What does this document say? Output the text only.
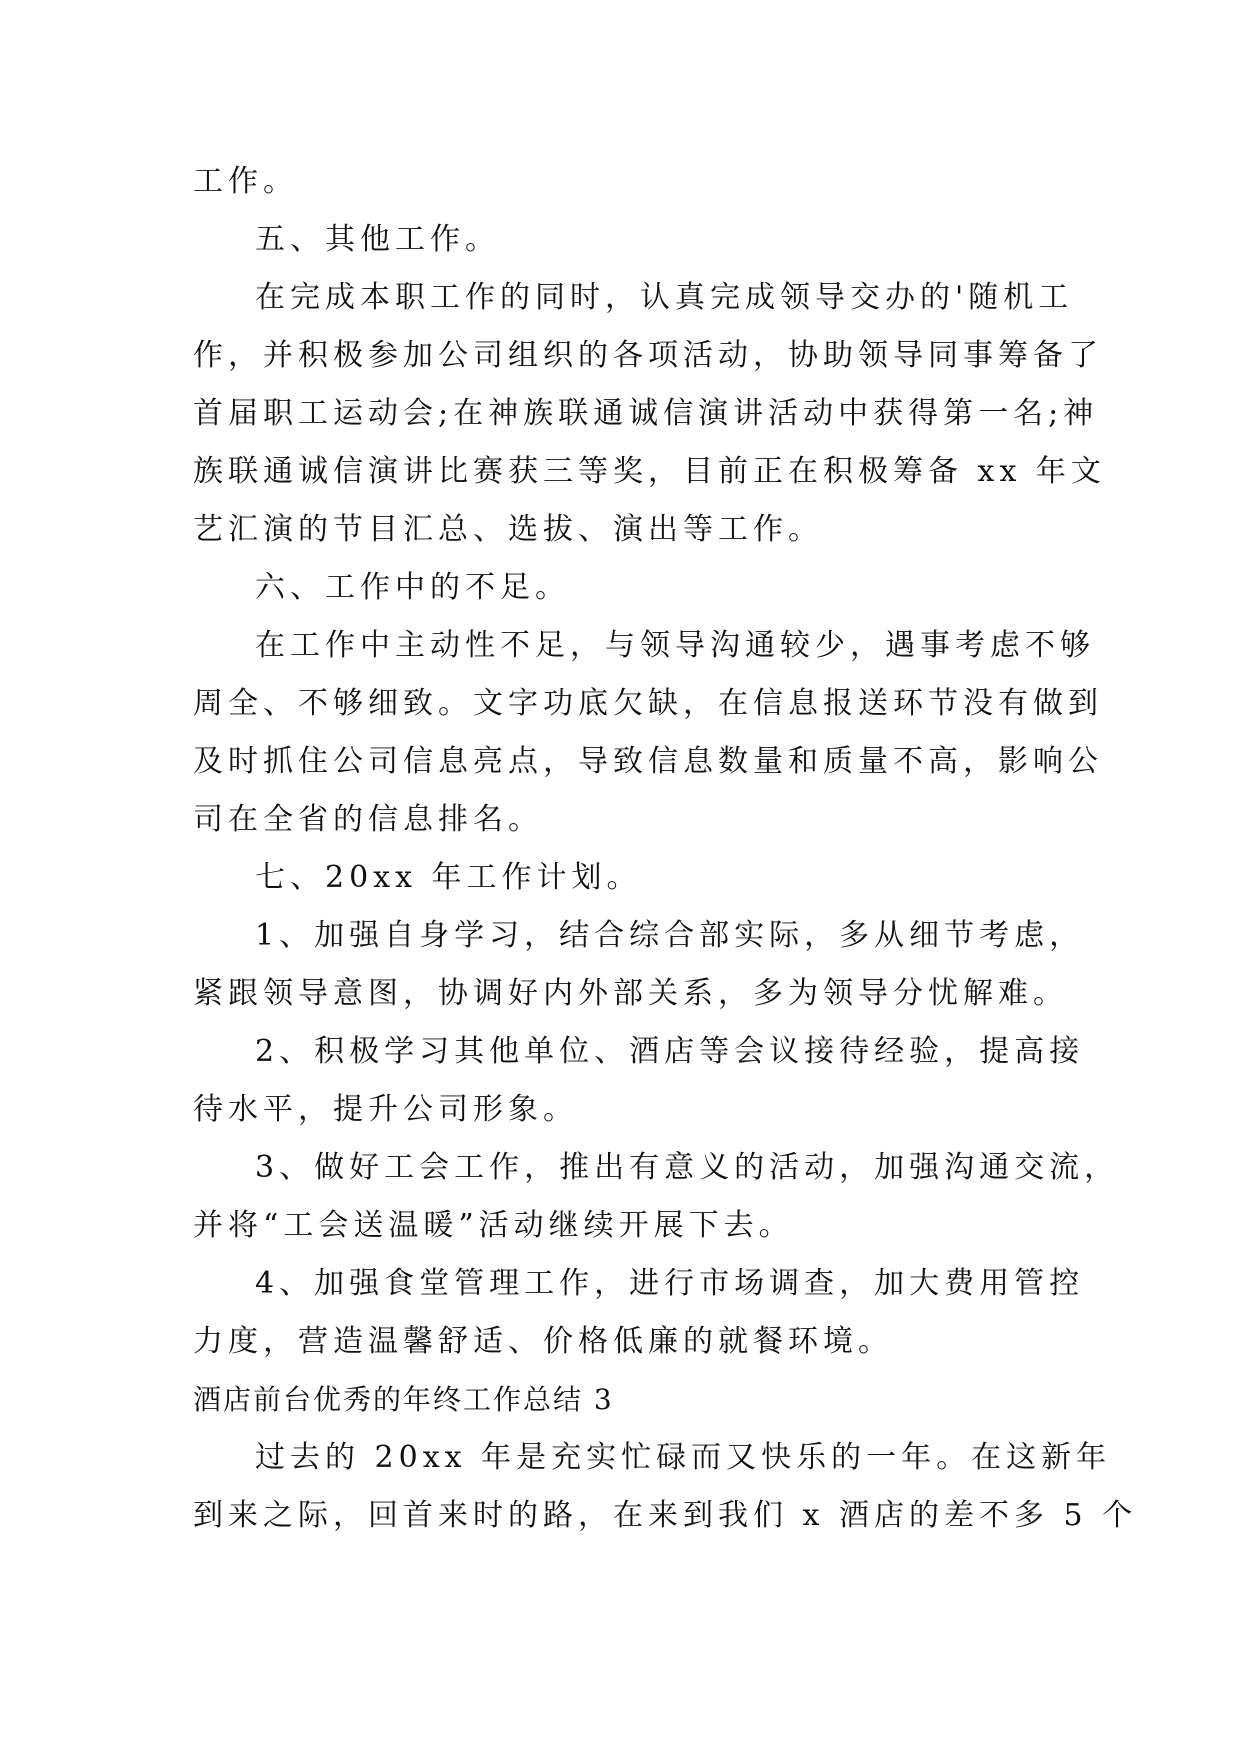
工作。
五、其他工作。
在完成本职工作的同时，认真完成领导交办的'随机工
作，并积极参加公司组织的各项活动，协助领导同事筹备了
首届职工运动会;在神族联通诚信演讲活动中获得第一名;神
族联通诚信演讲比赛获三等奖，目前正在积极筹备 xx 年文
艺汇演的节目汇总、选拔、演出等工作。
六、工作中的不足。
在工作中主动性不足，与领导沟通较少，遇事考虑不够
周全、不够细致。文字功底欠缺，在信息报送环节没有做到
及时抓住公司信息亮点，导致信息数量和质量不高，影响公
司在全省的信息排名。
七、20xx 年工作计划。
1、加强自身学习，结合综合部实际，多从细节考虑，
紧跟领导意图，协调好内外部关系，多为领导分忧解难。
2、积极学习其他单位、酒店等会议接待经验，提高接
待水平，提升公司形象。
3、做好工会工作，推出有意义的活动，加强沟通交流，
并将“工会送温暖”活动继续开展下去。
4、加强食堂管理工作，进行市场调查，加大费用管控
力度，营造温馨舒适、价格低廉的就餐环境。
酒店前台优秀的年终工作总结 3
过去的 20xx 年是充实忙碌而又快乐的一年。在这新年
到来之际，回首来时的路，在来到我们 x 酒店的差不多 5 个
